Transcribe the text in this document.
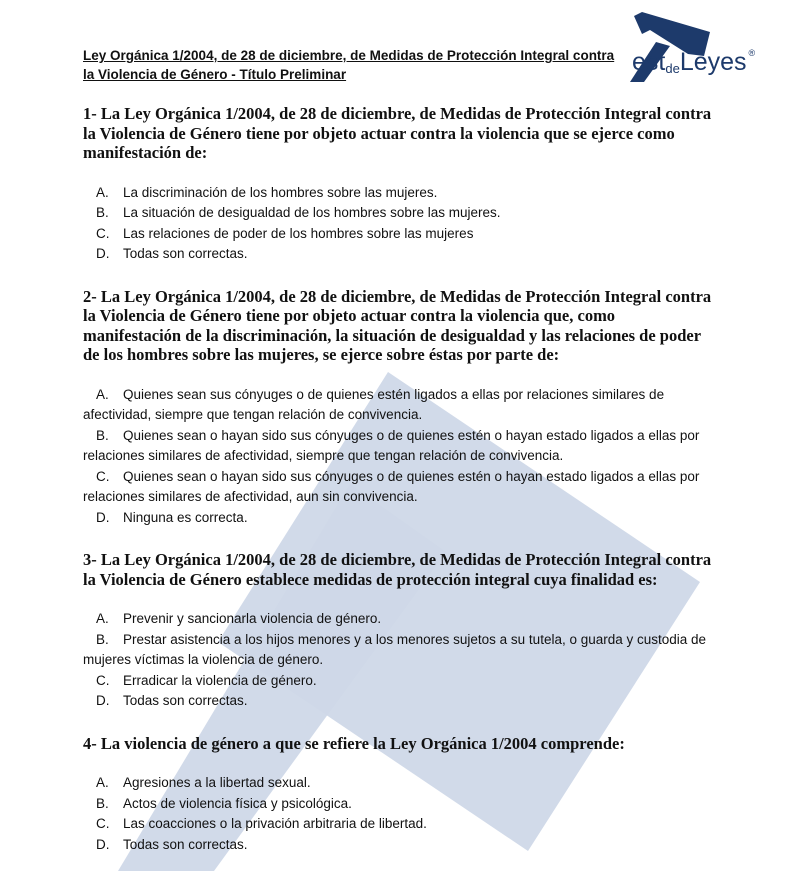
estdeLeyes ®
Ley Orgánica 1/2004, de 28 de diciembre, de Medidas de Protección Integral contra
la Violencia de Género - Título Preliminar

1- La Ley Orgánica 1/2004, de 28 de diciembre, de Medidas de Protección Integral contra la Violencia de Género tiene por objeto actuar contra la violencia que se ejerce como manifestación de:

A. La discriminación de los hombres sobre las mujeres.
B. La situación de desigualdad de los hombres sobre las mujeres.
C. Las relaciones de poder de los hombres sobre las mujeres
D. Todas son correctas.

2- La Ley Orgánica 1/2004, de 28 de diciembre, de Medidas de Protección Integral contra la Violencia de Género tiene por objeto actuar contra la violencia que, como manifestación de la discriminación, la situación de desigualdad y las relaciones de poder de los hombres sobre las mujeres, se ejerce sobre éstas por parte de:

A. Quienes sean sus cónyuges o de quienes estén ligados a ellas por relaciones similares de afectividad, siempre que tengan relación de convivencia.
B. Quienes sean o hayan sido sus cónyuges o de quienes estén o hayan estado ligados a ellas por relaciones similares de afectividad, siempre que tengan relación de convivencia.
C. Quienes sean o hayan sido sus cónyuges o de quienes estén o hayan estado ligados a ellas por relaciones similares de afectividad, aun sin convivencia.
D. Ninguna es correcta.

3- La Ley Orgánica 1/2004, de 28 de diciembre, de Medidas de Protección Integral contra la Violencia de Género establece medidas de protección integral cuya finalidad es:

A. Prevenir y sancionarla violencia de género.
B. Prestar asistencia a los hijos menores y a los menores sujetos a su tutela, o guarda y custodia de mujeres víctimas la violencia de género.
C. Erradicar la violencia de género.
D. Todas son correctas.

4- La violencia de género a que se refiere la Ley Orgánica 1/2004 comprende:

A. Agresiones a la libertad sexual.
B. Actos de violencia física y psicológica.
C. Las coacciones o la privación arbitraria de libertad.
D. Todas son correctas.
